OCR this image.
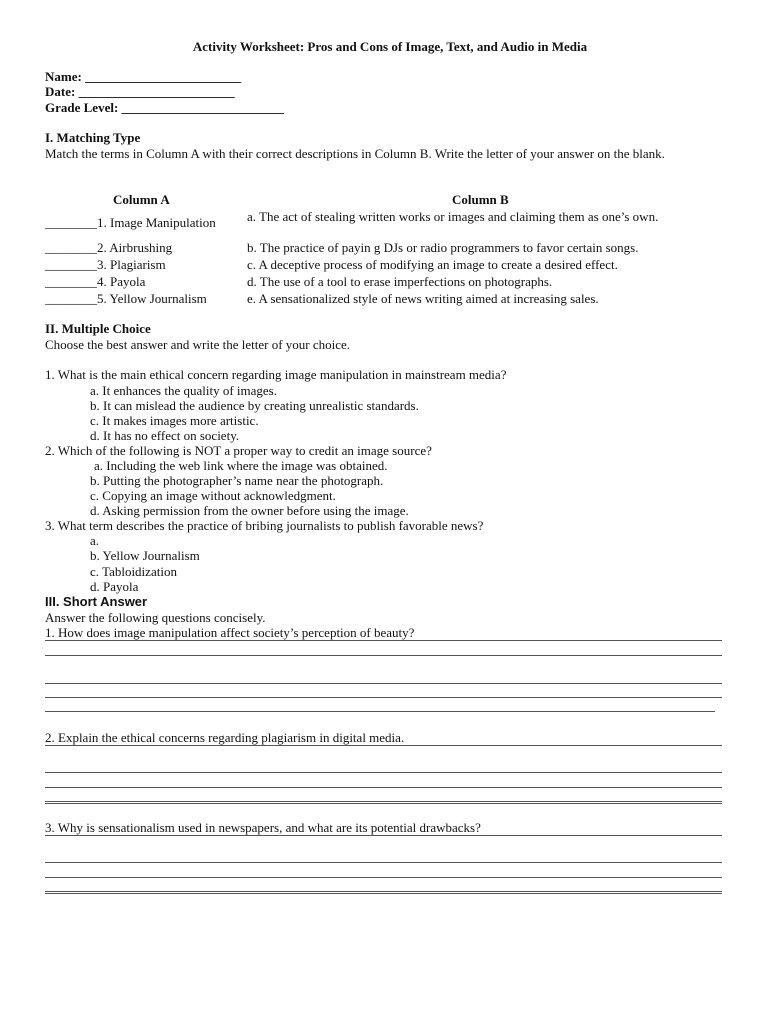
Activity Worksheet: Pros and Cons of Image, Text, and Audio in Media
Name: ________________________
Date: ________________________
Grade Level: _________________________
I. Matching Type
Match the terms in Column A with their correct descriptions in Column B. Write the letter of your answer on the blank.
Column A	Column B
________1. Image Manipulation
________2. Airbrushing
________3. Plagiarism
________4. Payola
________5. Yellow Journalism
a. The act of stealing written works or images and claiming them as one’s own.
b. The practice of payin g DJs or radio programmers to favor certain songs.
c. A deceptive process of modifying an image to create a desired effect.
d. The use of a tool to erase imperfections on photographs.
e. A sensationalized style of news writing aimed at increasing sales.
II. Multiple Choice
Choose the best answer and write the letter of your choice.
1. What is the main ethical concern regarding image manipulation in mainstream media?
a. It enhances the quality of images.
b. It can mislead the audience by creating unrealistic standards.
c. It makes images more artistic.
d. It has no effect on society.
2. Which of the following is NOT a proper way to credit an image source?
a. Including the web link where the image was obtained.
b. Putting the photographer’s name near the photograph.
c. Copying an image without acknowledgment.
d. Asking permission from the owner before using the image.
3. What term describes the practice of bribing journalists to publish favorable news?
a.
b. Yellow Journalism
c. Tabloidization
d. Payola
III. Short Answer
Answer the following questions concisely.
1. How does image manipulation affect society’s perception of beauty?
2. Explain the ethical concerns regarding plagiarism in digital media.
3. Why is sensationalism used in newspapers, and what are its potential drawbacks?
